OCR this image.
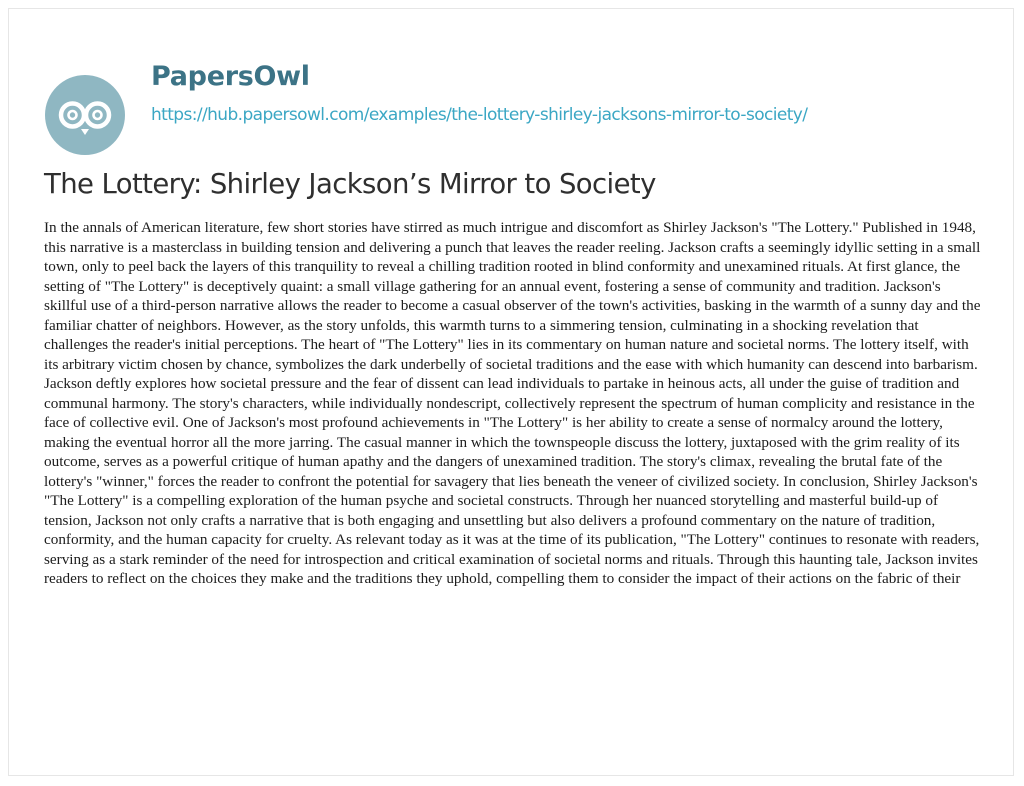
PapersOwl
https://hub.papersowl.com/examples/the-lottery-shirley-jacksons-mirror-to-society/
The Lottery: Shirley Jackson’s Mirror to Society

In the annals of American literature, few short stories have stirred as much intrigue and discomfort as Shirley Jackson's "The Lottery." Published in 1948, this narrative is a masterclass in building tension and delivering a punch that leaves the reader reeling. Jackson crafts a seemingly idyllic setting in a small town, only to peel back the layers of this tranquility to reveal a chilling tradition rooted in blind conformity and unexamined rituals. At first glance, the setting of "The Lottery" is deceptively quaint: a small village gathering for an annual event, fostering a sense of community and tradition. Jackson's skillful use of a third-person narrative allows the reader to become a casual observer of the town's activities, basking in the warmth of a sunny day and the familiar chatter of neighbors. However, as the story unfolds, this warmth turns to a simmering tension, culminating in a shocking revelation that challenges the reader's initial perceptions. The heart of "The Lottery" lies in its commentary on human nature and societal norms. The lottery itself, with its arbitrary victim chosen by chance, symbolizes the dark underbelly of societal traditions and the ease with which humanity can descend into barbarism. Jackson deftly explores how societal pressure and the fear of dissent can lead individuals to partake in heinous acts, all under the guise of tradition and communal harmony. The story's characters, while individually nondescript, collectively represent the spectrum of human complicity and resistance in the face of collective evil. One of Jackson's most profound achievements in "The Lottery" is her ability to create a sense of normalcy around the lottery, making the eventual horror all the more jarring. The casual manner in which the townspeople discuss the lottery, juxtaposed with the grim reality of its outcome, serves as a powerful critique of human apathy and the dangers of unexamined tradition. The story's climax, revealing the brutal fate of the lottery's "winner," forces the reader to confront the potential for savagery that lies beneath the veneer of civilized society. In conclusion, Shirley Jackson's "The Lottery" is a compelling exploration of the human psyche and societal constructs. Through her nuanced storytelling and masterful build-up of tension, Jackson not only crafts a narrative that is both engaging and unsettling but also delivers a profound commentary on the nature of tradition, conformity, and the human capacity for cruelty. As relevant today as it was at the time of its publication, "The Lottery" continues to resonate with readers, serving as a stark reminder of the need for introspection and critical examination of societal norms and rituals. Through this haunting tale, Jackson invites readers to reflect on the choices they make and the traditions they uphold, compelling them to consider the impact of their actions on the fabric of their
